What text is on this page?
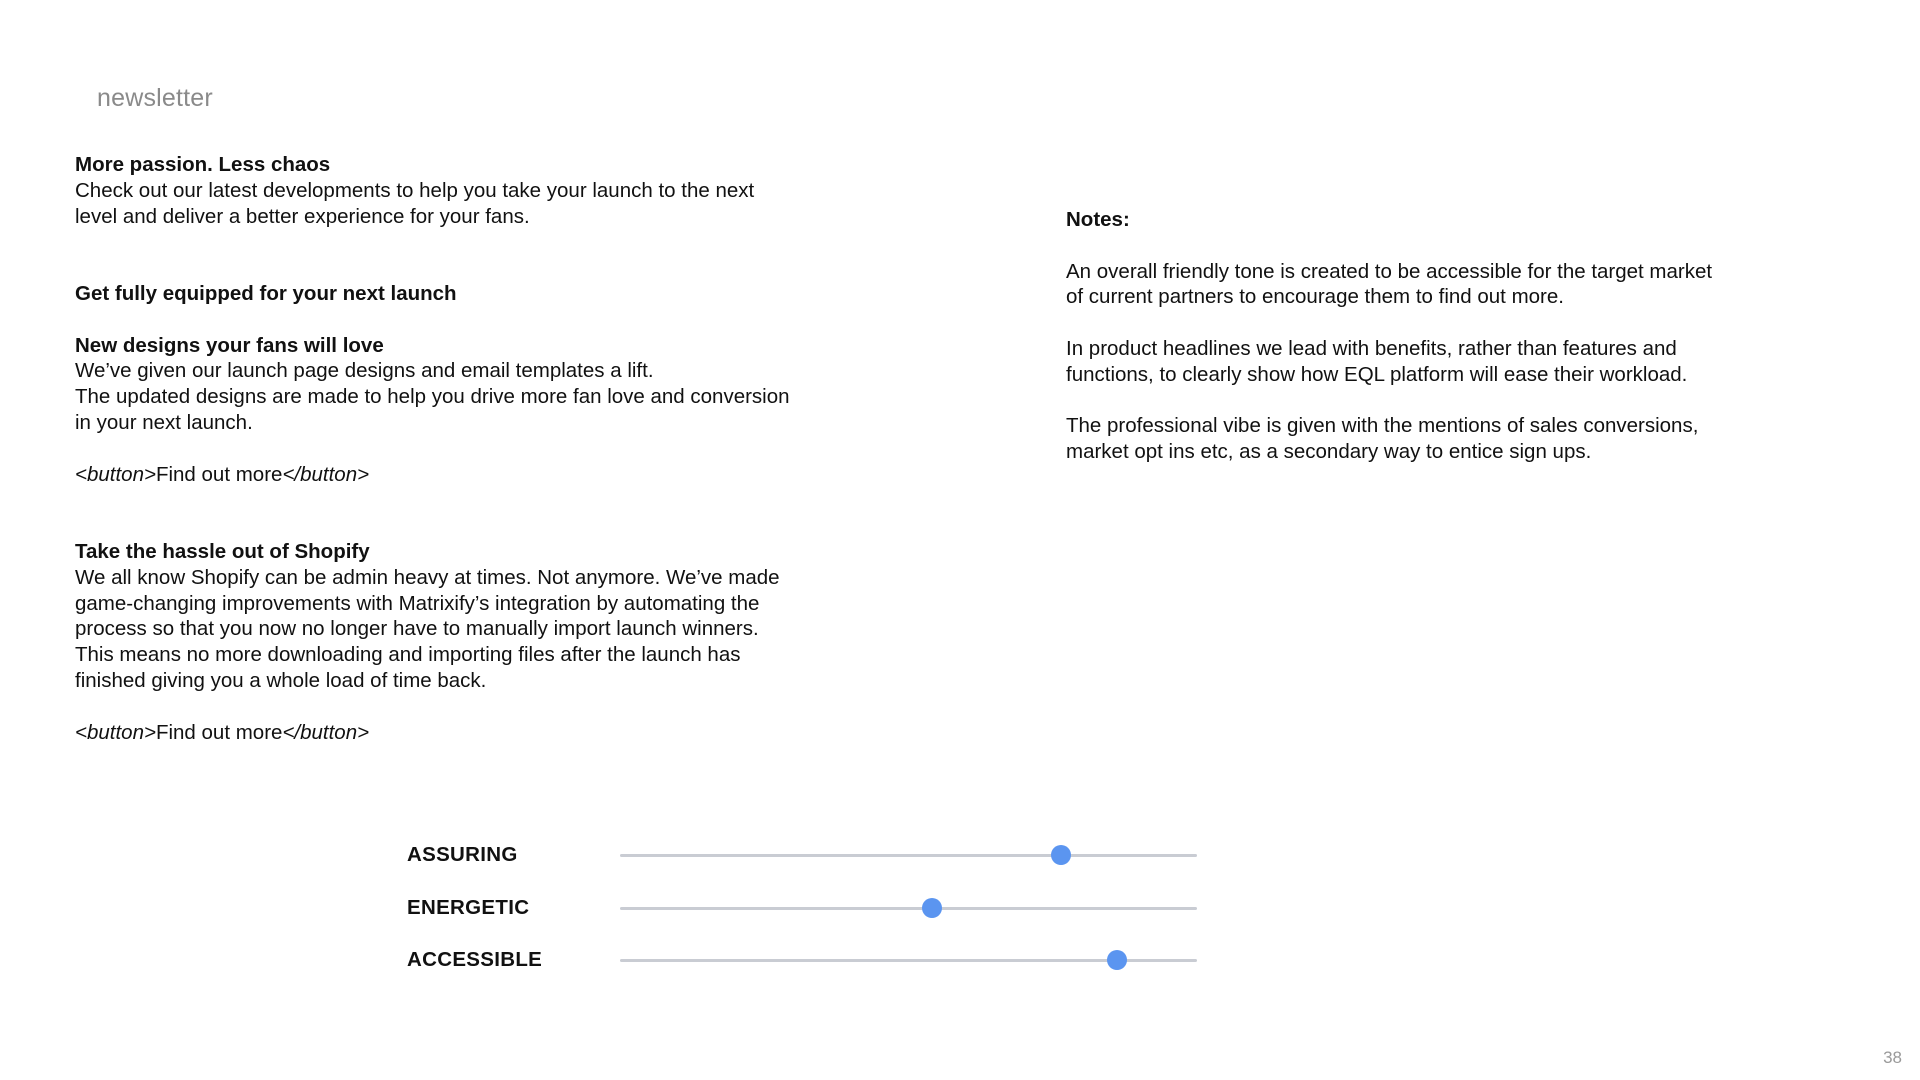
newsletter

More passion. Less chaos

Check out our latest developments to help you take your launch to the next

level and deliver a better experience for your fans.

Get fully equipped for your next launch

New designs your fans will love

We’ve given our launch page designs and email templates a lift.

The updated designs are made to help you drive more fan love and conversion

in your next launch.

<button>Find out more</button>

Take the hassle out of Shopify

We all know Shopify can be admin heavy at times. Not anymore. We’ve made

game-changing improvements with Matrixify’s integration by automating the

process so that you now no longer have to manually import launch winners.

This means no more downloading and importing files after the launch has

finished giving you a whole load of time back.

<button>Find out more</button>

Notes:

An overall friendly tone is created to be accessible for the target market

of current partners to encourage them to find out more.

In product headlines we lead with benefits, rather than features and

functions, to clearly show how EQL platform will ease their workload.

The professional vibe is given with the mentions of sales conversions,

market opt ins etc, as a secondary way to entice sign ups.

ASSURING
ENERGETIC
ACCESSIBLE
38
